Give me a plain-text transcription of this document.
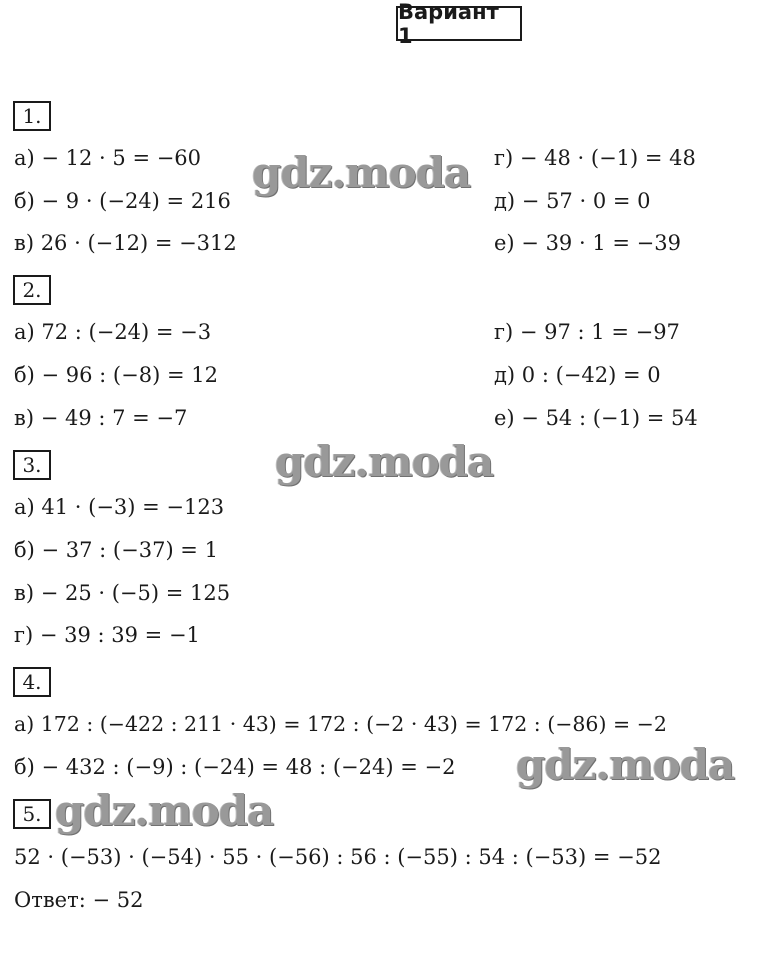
Вариант 1
1.
а) − 12 · 5 = −60
б) − 9 · (−24) = 216
в) 26 · (−12) = −312
г) − 48 · (−1) = 48
д) − 57 · 0 = 0
е) − 39 · 1 = −39
2.
а) 72 : (−24) = −3
б) − 96 : (−8) = 12
в) − 49 : 7 = −7
г) − 97 : 1 = −97
д) 0 : (−42) = 0
е) − 54 : (−1) = 54
3.
а) 41 · (−3) = −123
б) − 37 : (−37) = 1
в) − 25 · (−5) = 125
г) − 39 : 39 = −1
4.
а) 172 : (−422 : 211 · 43) = 172 : (−2 · 43) = 172 : (−86) = −2
б) − 432 : (−9) : (−24) = 48 : (−24) = −2
5.
52 · (−53) · (−54) · 55 · (−56) : 56 : (−55) : 54 : (−53) = −52
Ответ: − 52
gdz.moda
gdz.moda
gdz.moda
gdz.moda
